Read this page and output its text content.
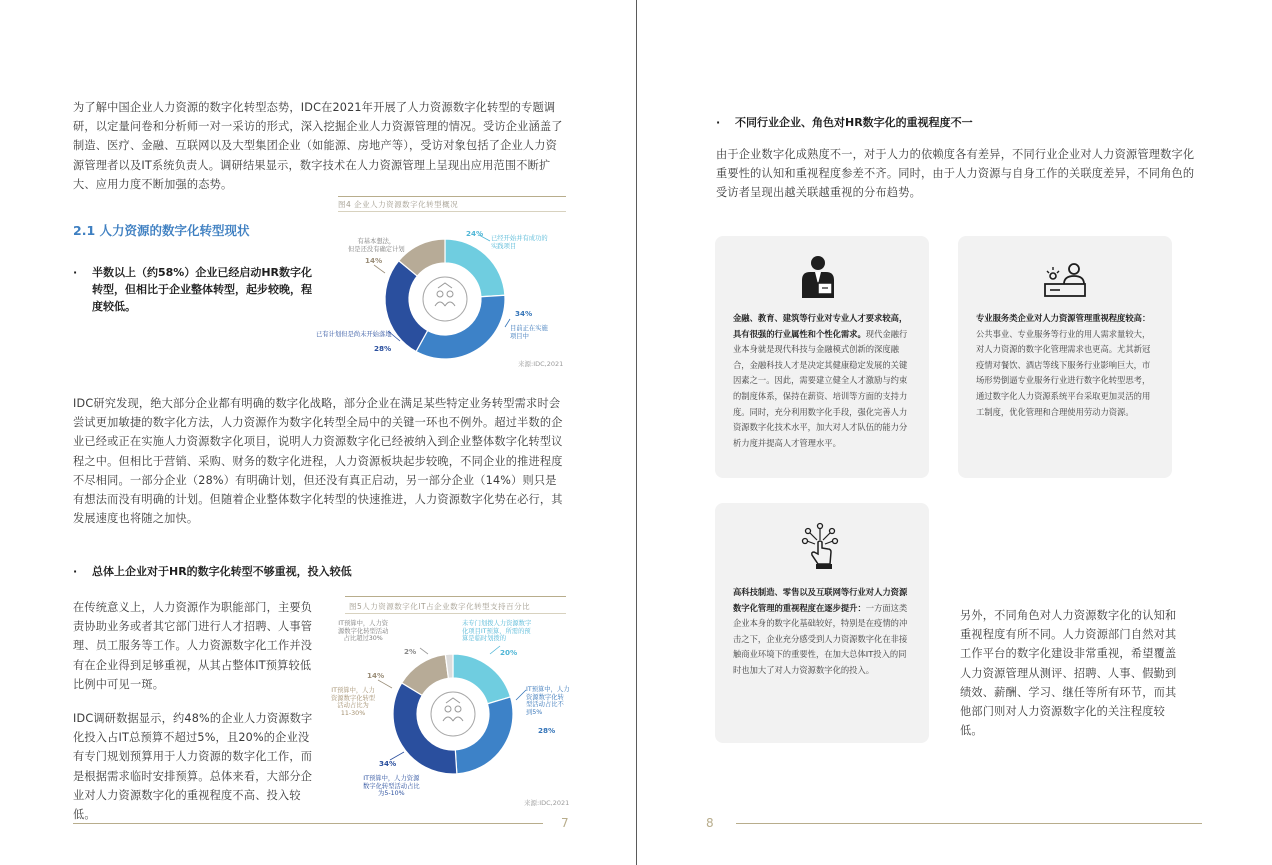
为了解中国企业人力资源的数字化转型态势，IDC在2021年开展了人力资源数字化转型的专题调研，以定量问卷和分析师一对一采访的形式，深入挖掘企业人力资源管理的情况。受访企业涵盖了制造、医疗、金融、互联网以及大型集团企业（如能源、房地产等），受访对象包括了企业人力资源管理者以及IT系统负责人。调研结果显示，数字技术在人力资源管理上呈现出应用范围不断扩大、应用力度不断加强的态势。
2.1 人力资源的数字化转型现状
· 半数以上（约58%）企业已经启动HR数字化转型，但相比于企业整体转型，起步较晚，程度较低。
图4 企业人力资源数字化转型概况
24%
已经开始并有成功的
实践项目
34%
目前正在实施
项目中
28%
已有计划但是尚未开始落地
14%
有基本想法，
但是还没有确定计划
来源:IDC,2021
IDC研究发现，绝大部分企业都有明确的数字化战略，部分企业在满足某些特定业务转型需求时会尝试更加敏捷的数字化方法，人力资源作为数字化转型全局中的关键一环也不例外。超过半数的企业已经或正在实施人力资源数字化项目，说明人力资源数字化已经被纳入到企业整体数字化转型议程之中。但相比于营销、采购、财务的数字化进程，人力资源板块起步较晚，不同企业的推进程度不尽相同。一部分企业（28%）有明确计划，但还没有真正启动，另一部分企业（14%）则只是有想法而没有明确的计划。但随着企业整体数字化转型的快速推进，人力资源数字化势在必行，其发展速度也将随之加快。
· 总体上企业对于HR的数字化转型不够重视，投入较低
在传统意义上，人力资源作为职能部门，主要负责协助业务或者其它部门进行人才招聘、人事管理、员工服务等工作。人力资源数字化工作并没有在企业得到足够重视，从其占整体IT预算较低比例中可见一斑。
IDC调研数据显示，约48%的企业人力资源数字化投入占IT总预算不超过5%，且20%的企业没有专门规划预算用于人力资源的数字化工作，而是根据需求临时安排预算。总体来看，大部分企业对人力资源数字化的重视程度不高、投入较低。
图5人力资源数字化IT占企业数字化转型支持百分比
IT预算中，人力资
源数字化转型活动
占比超过30%
2%
未专门划拨人力资源数字
化项目IT预算，所需的预
算是临时划拨的
20%
IT预算中，人力
资源数字化转
型活动占比不
到5%
28%
34%
IT预算中，人力资源
数字化转型活动占比
为5-10%
14%
IT预算中，人力
资源数字化转型
活动占比为
11-30%
来源:IDC,2021
7
· 不同行业企业、角色对HR数字化的重视程度不一
由于企业数字化成熟度不一，对于人力的依赖度各有差异，不同行业企业对人力资源管理数字化重要性的认知和重视程度参差不齐。同时，由于人力资源与自身工作的关联度差异，不同角色的受访者呈现出越关联越重视的分布趋势。

金融、教育、建筑等行业对专业人才要求较高，具有很强的行业属性和个性化需求。现代金融行业本身就是现代科技与金融模式创新的深度融合，金融科技人才是决定其健康稳定发展的关键因素之一。因此，需要建立健全人才激励与约束的制度体系，保持在薪资、培训等方面的支持力度。同时，充分利用数字化手段，强化完善人力资源数字化技术水平，加大对人才队伍的能力分析力度并提高人才管理水平。

专业服务类企业对人力资源管理重视程度较高：公共事业、专业服务等行业的用人需求量较大，对人力资源的数字化管理需求也更高。尤其新冠疫情对餐饮、酒店等线下服务行业影响巨大，市场形势倒逼专业服务行业进行数字化转型思考，通过数字化人力资源系统平台采取更加灵活的用工制度，优化管理和合理使用劳动力资源。

高科技制造、零售以及互联网等行业对人力资源数字化管理的重视程度在逐步提升：一方面这类企业本身的数字化基础较好，特别是在疫情的冲击之下，企业充分感受到人力资源数字化在非接触商业环境下的重要性，在加大总体IT投入的同时也加大了对人力资源数字化的投入。

另外，不同角色对人力资源数字化的认知和重视程度有所不同。人力资源部门自然对其工作平台的数字化建设非常重视，希望覆盖人力资源管理从测评、招聘、人事、假勤到绩效、薪酬、学习、继任等所有环节，而其他部门则对人力资源数字化的关注程度较低。
8
